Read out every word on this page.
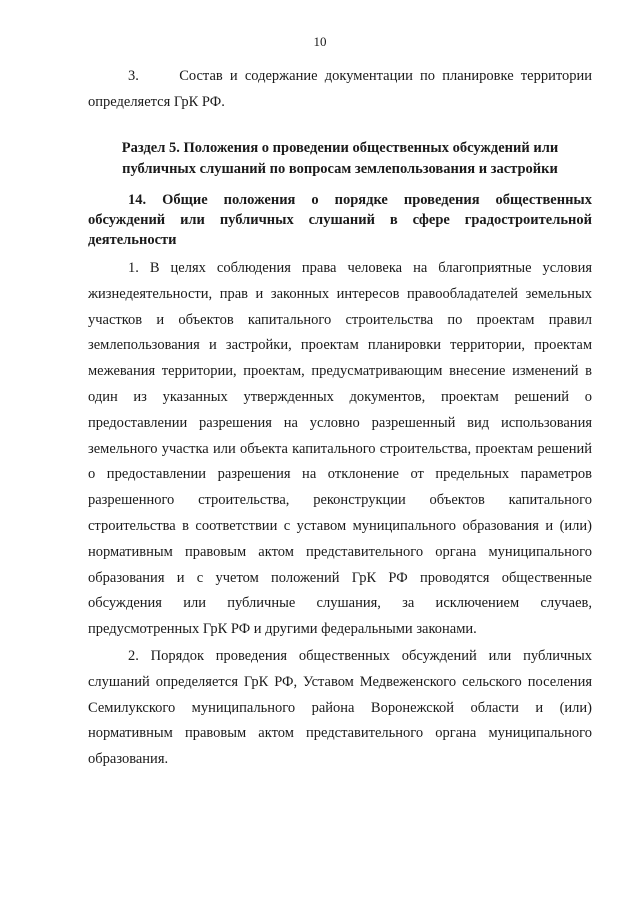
10

3.	Состав и содержание документации по планировке территории определяется ГрК РФ.

Раздел 5. Положения о проведении общественных обсуждений или
публичных слушаний по вопросам землепользования и застройки

14. Общие положения о порядке проведения общественных обсуждений или публичных слушаний в сфере градостроительной деятельности

1. В целях соблюдения права человека на благоприятные условия жизнедеятельности, прав и законных интересов правообладателей земельных участков и объектов капитального строительства по проектам правил землепользования и застройки, проектам планировки территории, проектам межевания территории, проектам, предусматривающим внесение изменений в один из указанных утвержденных документов, проектам решений о предоставлении разрешения на условно разрешенный вид использования земельного участка или объекта капитального строительства, проектам решений о предоставлении разрешения на отклонение от предельных параметров разрешенного строительства, реконструкции объектов капитального строительства в соответствии с уставом муниципального образования и (или) нормативным правовым актом представительного органа муниципального образования и с учетом положений ГрК РФ проводятся общественные обсуждения или публичные слушания, за исключением случаев, предусмотренных ГрК РФ и другими федеральными законами.

2. Порядок проведения общественных обсуждений или публичных слушаний определяется ГрК РФ, Уставом Медвеженского сельского поселения Семилукского муниципального района Воронежской области и (или) нормативным правовым актом представительного органа муниципального образования.
